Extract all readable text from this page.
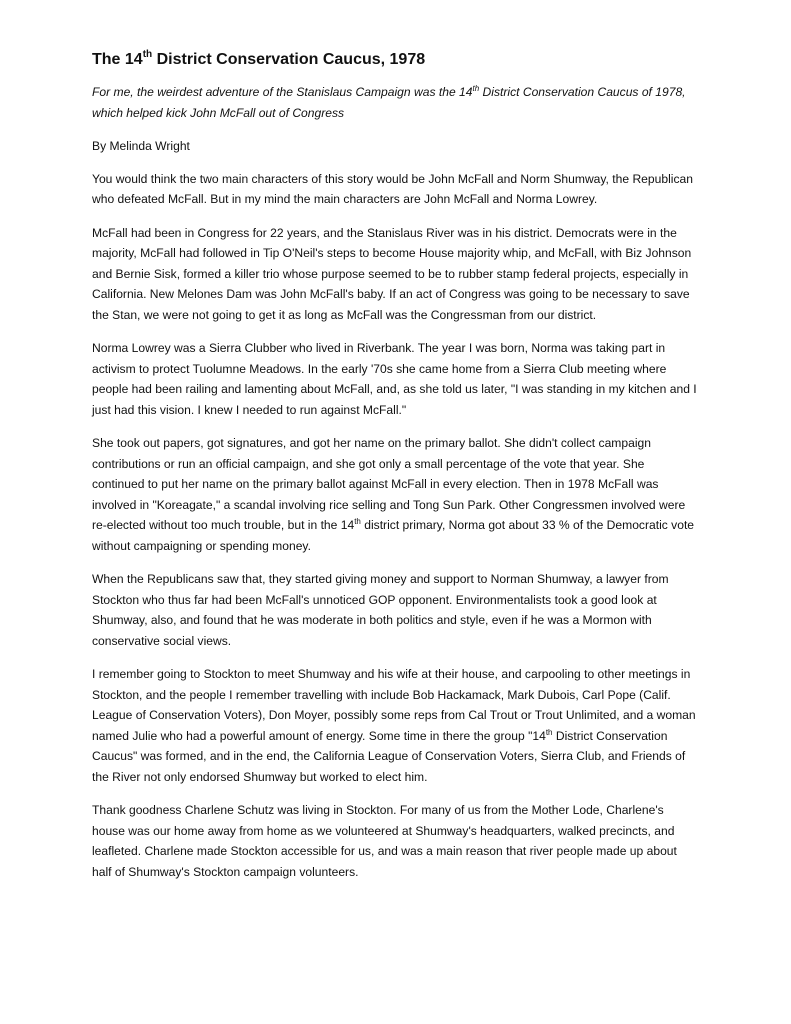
The 14th District Conservation Caucus, 1978

For me, the weirdest adventure of the Stanislaus Campaign was the 14th District Conservation Caucus of 1978, which helped kick John McFall out of Congress

By Melinda Wright

You would think the two main characters of this story would be John McFall and Norm Shumway, the Republican who defeated McFall. But in my mind the main characters are John McFall and Norma Lowrey.

McFall had been in Congress for 22 years, and the Stanislaus River was in his district. Democrats were in the majority, McFall had followed in Tip O'Neil's steps to become House majority whip, and McFall, with Biz Johnson and Bernie Sisk, formed a killer trio whose purpose seemed to be to rubber stamp federal projects, especially in California. New Melones Dam was John McFall's baby. If an act of Congress was going to be necessary to save the Stan, we were not going to get it as long as McFall was the Congressman from our district.

Norma Lowrey was a Sierra Clubber who lived in Riverbank. The year I was born, Norma was taking part in activism to protect Tuolumne Meadows. In the early '70s she came home from a Sierra Club meeting where people had been railing and lamenting about McFall, and, as she told us later, "I was standing in my kitchen and I just had this vision. I knew I needed to run against McFall."

She took out papers, got signatures, and got her name on the primary ballot. She didn't collect campaign contributions or run an official campaign, and she got only a small percentage of the vote that year. She continued to put her name on the primary ballot against McFall in every election. Then in 1978 McFall was involved in "Koreagate," a scandal involving rice selling and Tong Sun Park. Other Congressmen involved were re-elected without too much trouble, but in the 14th district primary, Norma got about 33 % of the Democratic vote without campaigning or spending money.

When the Republicans saw that, they started giving money and support to Norman Shumway, a lawyer from Stockton who thus far had been McFall's unnoticed GOP opponent. Environmentalists took a good look at Shumway, also, and found that he was moderate in both politics and style, even if he was a Mormon with conservative social views.

I remember going to Stockton to meet Shumway and his wife at their house, and carpooling to other meetings in Stockton, and the people I remember travelling with include Bob Hackamack, Mark Dubois, Carl Pope (Calif. League of Conservation Voters), Don Moyer, possibly some reps from Cal Trout or Trout Unlimited, and a woman named Julie who had a powerful amount of energy. Some time in there the group "14th District Conservation Caucus" was formed, and in the end, the California League of Conservation Voters, Sierra Club, and Friends of the River not only endorsed Shumway but worked to elect him.

Thank goodness Charlene Schutz was living in Stockton. For many of us from the Mother Lode, Charlene's house was our home away from home as we volunteered at Shumway's headquarters, walked precincts, and leafleted. Charlene made Stockton accessible for us, and was a main reason that river people made up about half of Shumway's Stockton campaign volunteers.
